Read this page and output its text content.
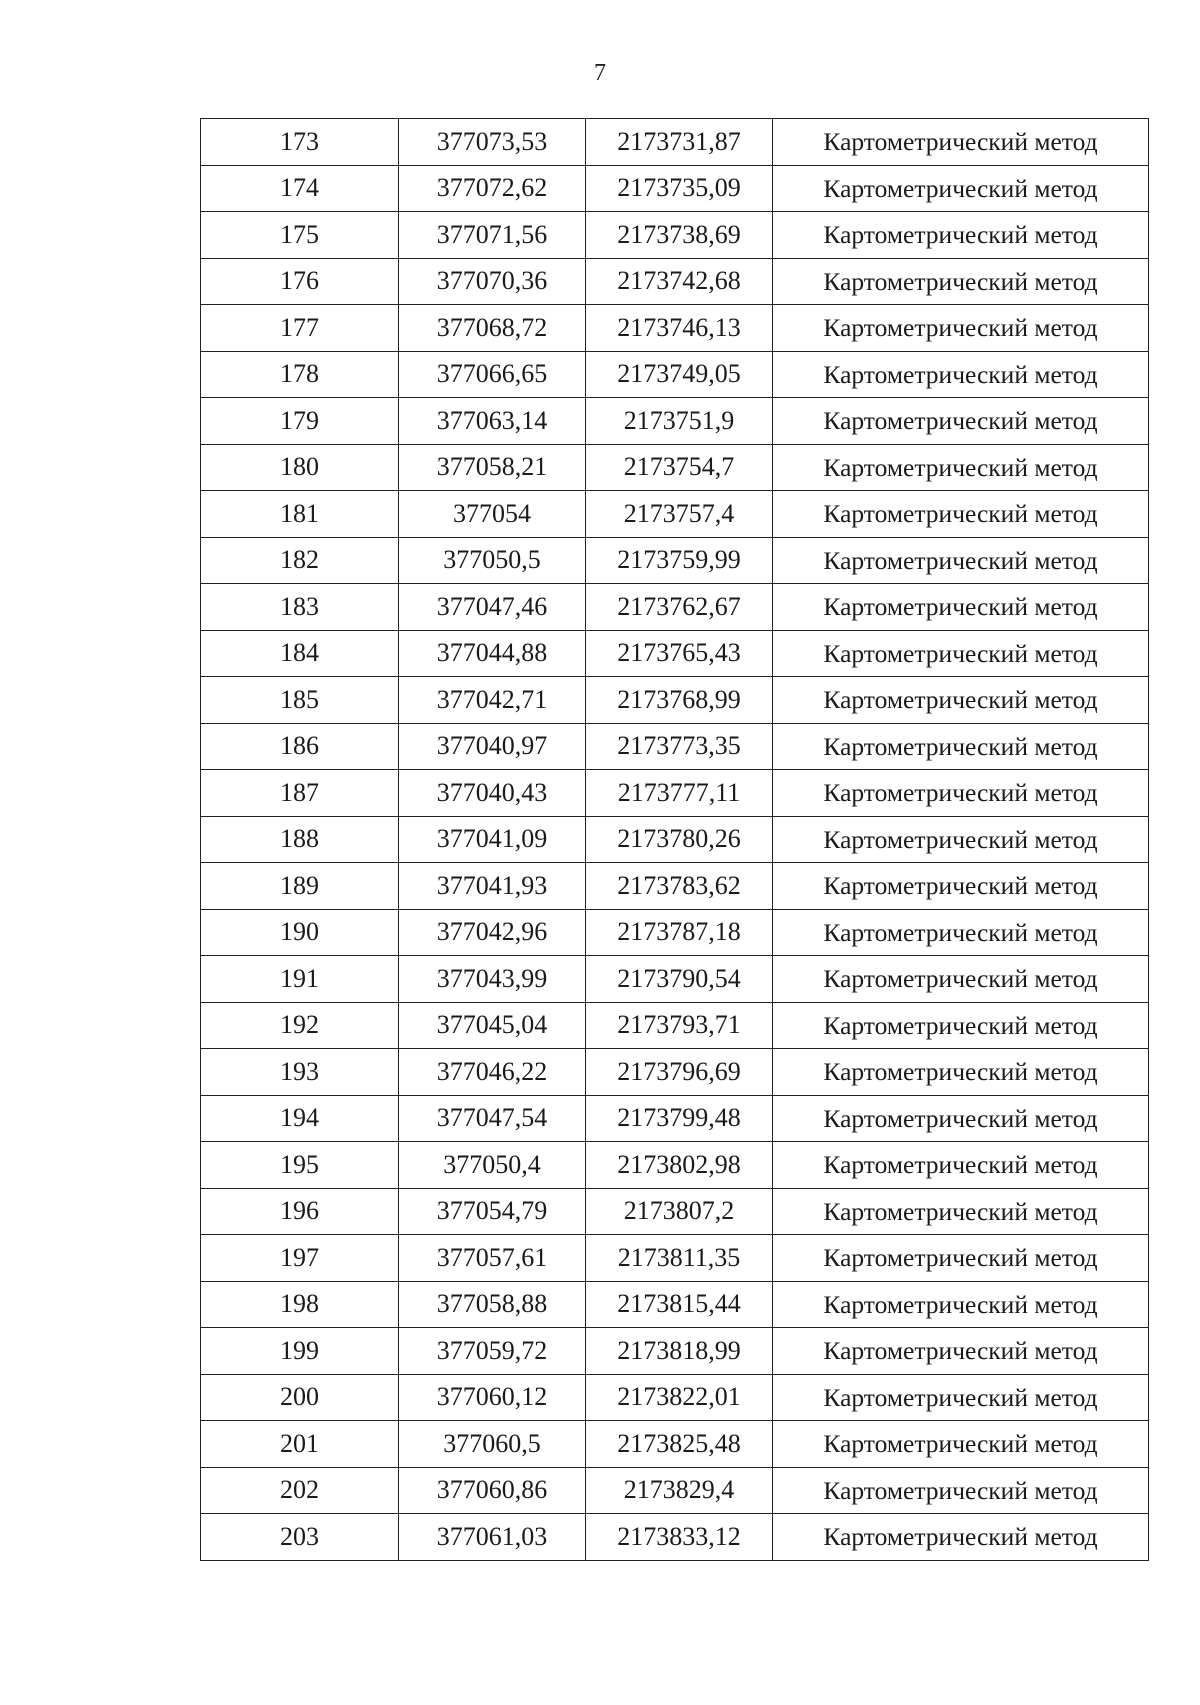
7
173	377073,53	2173731,87	Картометрический метод
174	377072,62	2173735,09	Картометрический метод
175	377071,56	2173738,69	Картометрический метод
176	377070,36	2173742,68	Картометрический метод
177	377068,72	2173746,13	Картометрический метод
178	377066,65	2173749,05	Картометрический метод
179	377063,14	2173751,9	Картометрический метод
180	377058,21	2173754,7	Картометрический метод
181	377054	2173757,4	Картометрический метод
182	377050,5	2173759,99	Картометрический метод
183	377047,46	2173762,67	Картометрический метод
184	377044,88	2173765,43	Картометрический метод
185	377042,71	2173768,99	Картометрический метод
186	377040,97	2173773,35	Картометрический метод
187	377040,43	2173777,11	Картометрический метод
188	377041,09	2173780,26	Картометрический метод
189	377041,93	2173783,62	Картометрический метод
190	377042,96	2173787,18	Картометрический метод
191	377043,99	2173790,54	Картометрический метод
192	377045,04	2173793,71	Картометрический метод
193	377046,22	2173796,69	Картометрический метод
194	377047,54	2173799,48	Картометрический метод
195	377050,4	2173802,98	Картометрический метод
196	377054,79	2173807,2	Картометрический метод
197	377057,61	2173811,35	Картометрический метод
198	377058,88	2173815,44	Картометрический метод
199	377059,72	2173818,99	Картометрический метод
200	377060,12	2173822,01	Картометрический метод
201	377060,5	2173825,48	Картометрический метод
202	377060,86	2173829,4	Картометрический метод
203	377061,03	2173833,12	Картометрический метод
